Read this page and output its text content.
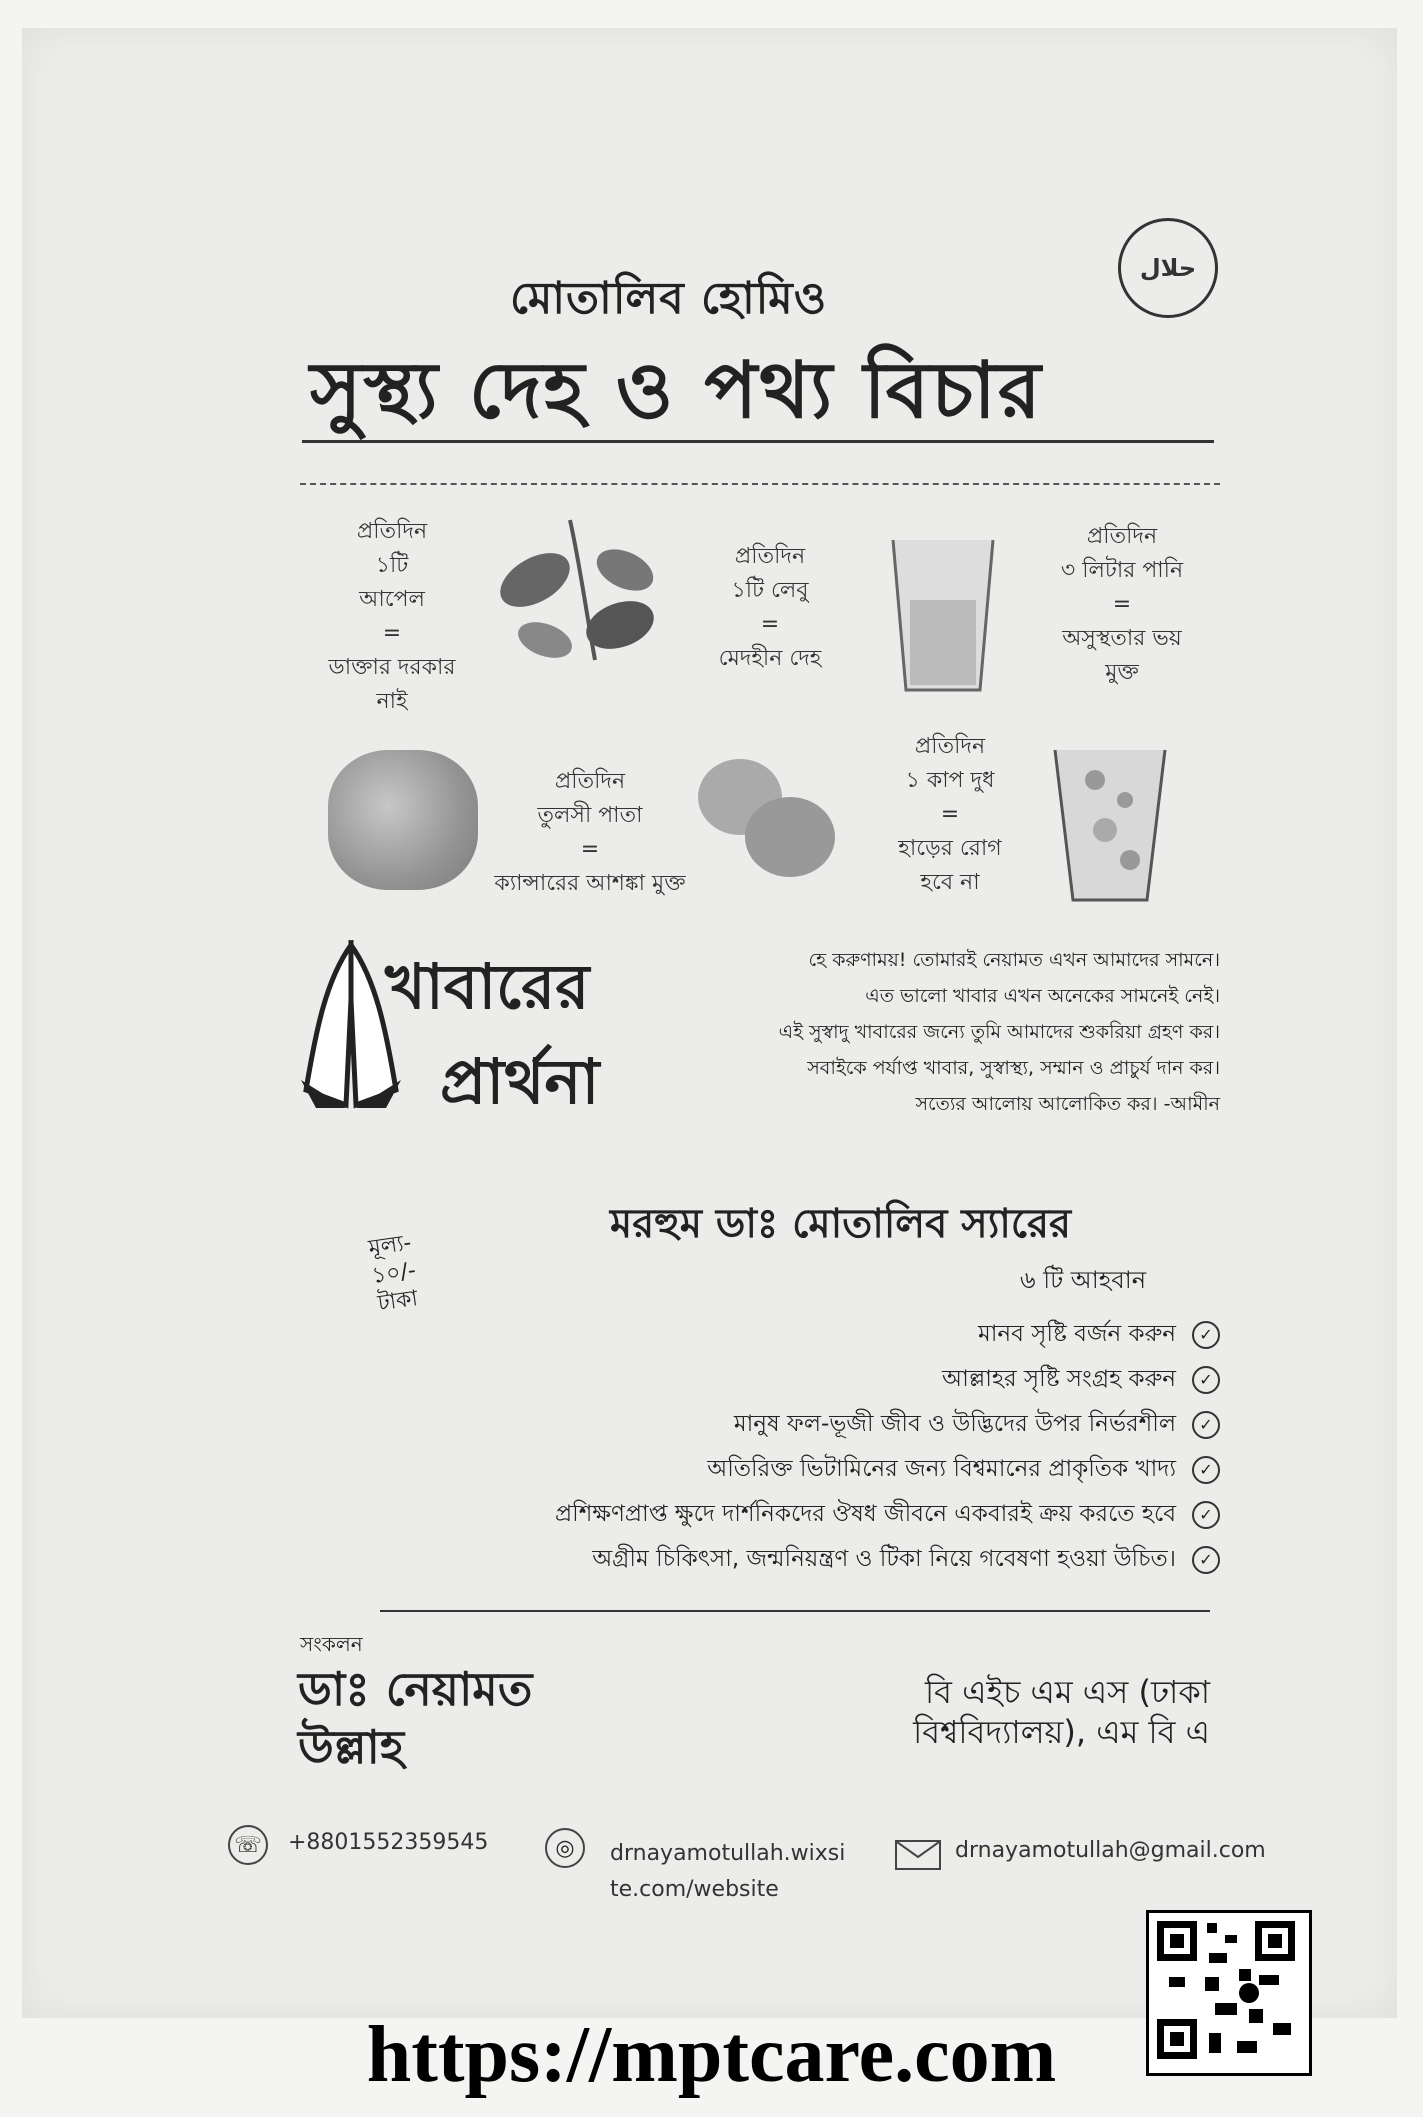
حلال
মোতালিব হোমিও
সুস্থ্য দেহ ও পথ্য বিচার
প্রতিদিন
১টি
আপেল
=
ডাক্তার দরকার
নাই
প্রতিদিন
১টি লেবু
=
মেদহীন দেহ
প্রতিদিন
৩ লিটার পানি
=
অসুস্থতার ভয়
মুক্ত
প্রতিদিন
তুলসী পাতা
=
ক্যান্সারের আশঙ্কা মুক্ত
প্রতিদিন
১ কাপ দুধ
=
হাড়ের রোগ
হবে না
খাবারের
প্রার্থনা
হে করুণাময়! তোমারই নেয়ামত এখন আমাদের সামনে।
এত ভালো খাবার এখন অনেকের সামনেই নেই।
এই সুস্বাদু খাবারের জন্যে তুমি আমাদের শুকরিয়া গ্রহণ কর।
সবাইকে পর্যাপ্ত খাবার, সুস্বাস্থ্য, সম্মান ও প্রাচুর্য দান কর।
সত্যের আলোয় আলোকিত কর। -আমীন
মূল্য-
১০/-
টাকা
মরহুম ডাঃ মোতালিব স্যারের
৬ টি আহবান
মানব সৃষ্টি বর্জন করুন	✓
আল্লাহর সৃষ্টি সংগ্রহ করুন	✓
মানুষ ফল-ভূজী জীব ও উদ্ভিদের উপর নির্ভরশীল	✓
অতিরিক্ত ভিটামিনের জন্য বিশ্বমানের প্রাকৃতিক খাদ্য	✓
প্রশিক্ষণপ্রাপ্ত ক্ষুদে দার্শনিকদের ঔষধ জীবনে একবারই ক্রয় করতে হবে	✓
অগ্রীম চিকিৎসা, জন্মনিয়ন্ত্রণ ও টিকা নিয়ে গবেষণা হওয়া উচিত।	✓
সংকলন
ডাঃ নেয়ামত
উল্লাহ
বি এইচ এম এস (ঢাকা
বিশ্ববিদ্যালয়), এম বি এ
☏ +8801552359545	◎	drnayamotullah.wixsi
te.com/website
drnayamotullah@gmail.com
https://mptcare.com
